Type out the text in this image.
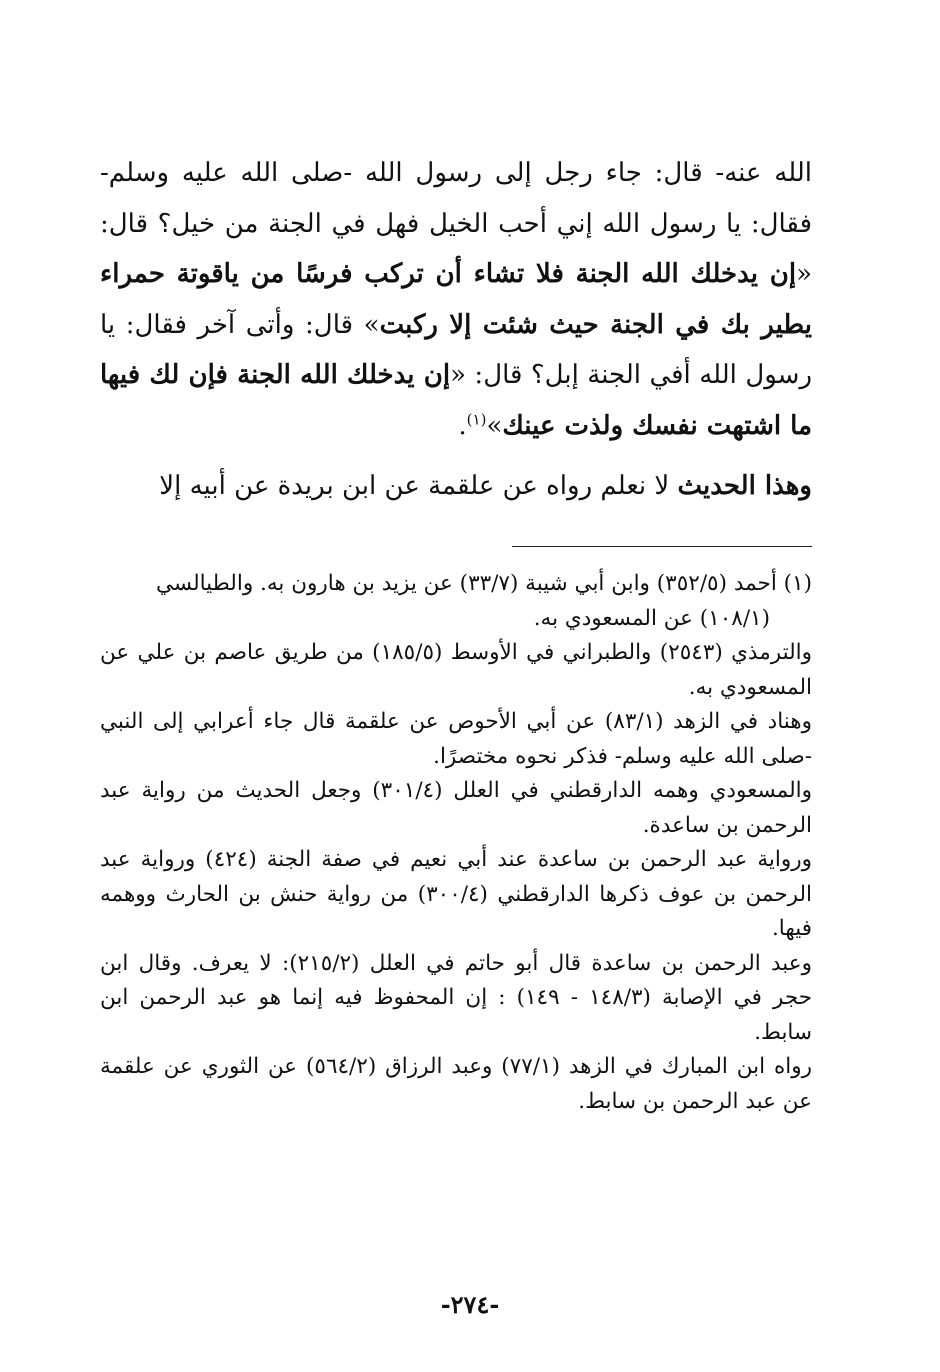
الله عنه- قال: جاء رجل إلى رسول الله -صلى الله عليه وسلم- فقال: يا رسول الله إني أحب الخيل فهل في الجنة من خيل؟ قال: «إن يدخلك الله الجنة فلا تشاء أن تركب فرسًا من ياقوتة حمراء يطير بك في الجنة حيث شئت إلا ركبت» قال: وأتى آخر فقال: يا رسول الله أفي الجنة إبل؟ قال: «إن يدخلك الله الجنة فإن لك فيها ما اشتهت نفسك ولذت عينك»$^{(١)}$.

وهذا الحديث لا نعلم رواه عن علقمة عن ابن بريدة عن أبيه إلا

(١) أحمد (٣٥٢/٥) وابن أبي شيبة (٣٣/٧) عن يزيد بن هارون به. والطيالسي

(١٠٨/١) عن المسعودي به.

والترمذي (٢٥٤٣) والطبراني في الأوسط (١٨٥/٥) من طريق عاصم بن علي عن المسعودي به.

وهناد في الزهد (٨٣/١) عن أبي الأحوص عن علقمة قال جاء أعرابي إلى النبي -صلى الله عليه وسلم- فذكر نحوه مختصرًا.

والمسعودي وهمه الدارقطني في العلل (٣٠١/٤) وجعل الحديث من رواية عبد الرحمن بن ساعدة.

ورواية عبد الرحمن بن ساعدة عند أبي نعيم في صفة الجنة (٤٢٤) ورواية عبد الرحمن بن عوف ذكرها الدارقطني (٣٠٠/٤) من رواية حنش بن الحارث ووهمه فيها.

وعبد الرحمن بن ساعدة قال أبو حاتم في العلل (٢١٥/٢): لا يعرف. وقال ابن حجر في الإصابة (١٤٨/٣ - ١٤٩) : إن المحفوظ فيه إنما هو عبد الرحمن ابن سابط.

رواه ابن المبارك في الزهد (٧٧/١) وعبد الرزاق (٥٦٤/٢) عن الثوري عن علقمة عن عبد الرحمن بن سابط.

-٢٧٤-
